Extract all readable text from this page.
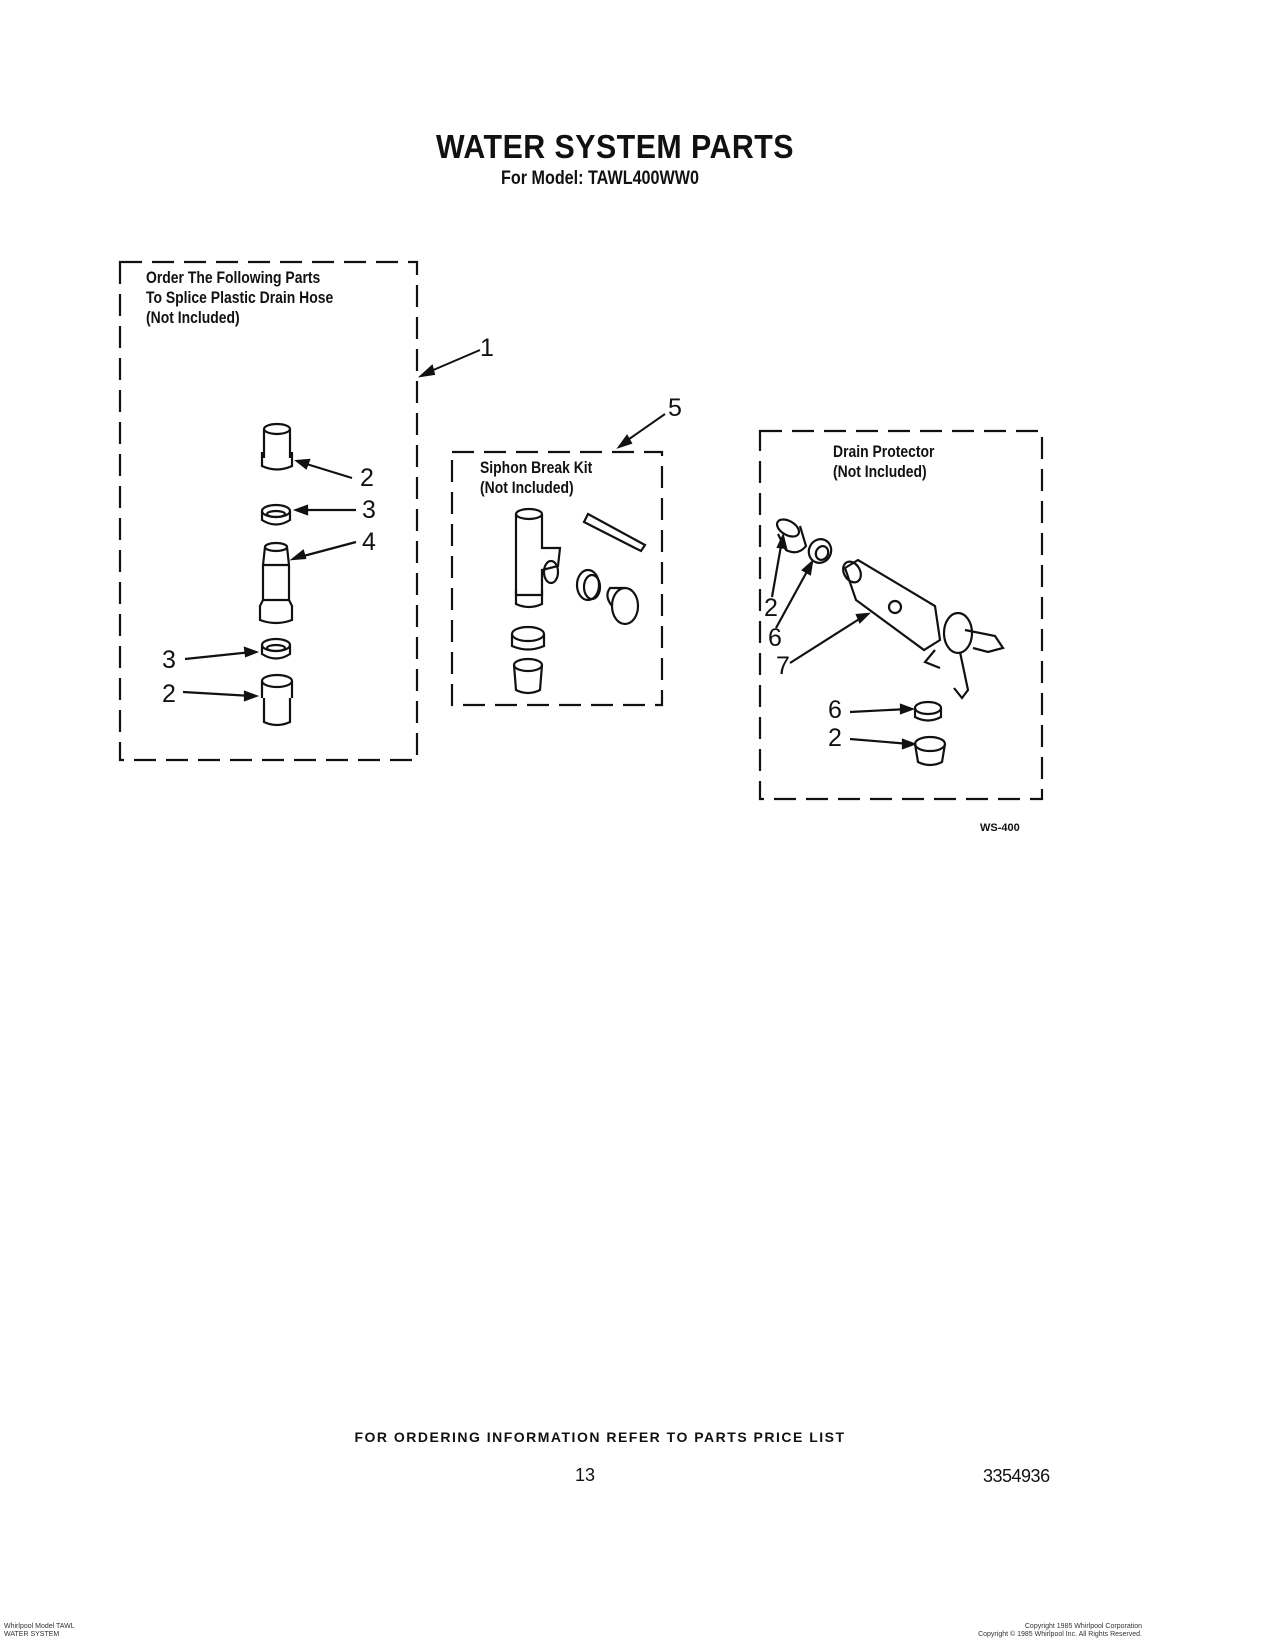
WATER SYSTEM PARTS
For Model: TAWL400WW0
Order The Following Parts
To Splice Plastic Drain Hose
(Not Included)
1
2
3
4
3
2
Siphon Break Kit
(Not Included)
5
Drain Protector
(Not Included)
2
6
7
6
2
WS-400
FOR ORDERING INFORMATION REFER TO PARTS PRICE LIST
13	3354936
Whirlpool Model TAWL
WATER SYSTEM
Copyright 1985 Whirlpool Corporation
Copyright © 1985 Whirlpool Inc. All Rights Reserved.
